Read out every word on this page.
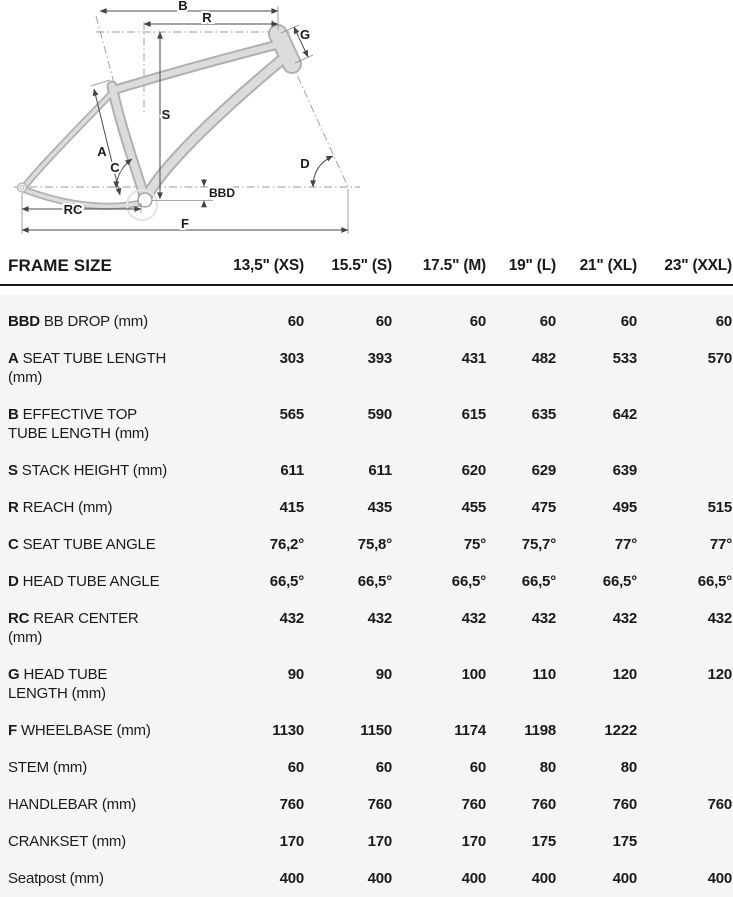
B
R
G
S
A
C	D
BBD
RC
F
FRAME SIZE	13,5" (XS)	15.5" (S)	17.5" (M)	19" (L)	21" (XL)	23" (XXL)
BBD BB DROP (mm)	60	60	60	60	60	60
A SEAT TUBE LENGTH (mm)	303	393	431	482	533	570
B EFFECTIVE TOP TUBE LENGTH (mm)	565	590	615	635	642	
S STACK HEIGHT (mm)	611	611	620	629	639	
R REACH (mm)	415	435	455	475	495	515
C SEAT TUBE ANGLE	76,2°	75,8°	75°	75,7°	77°	77°
D HEAD TUBE ANGLE	66,5°	66,5°	66,5°	66,5°	66,5°	66,5°
RC REAR CENTER (mm)	432	432	432	432	432	432
G HEAD TUBE LENGTH (mm)	90	90	100	110	120	120
F WHEELBASE (mm)	1130	1150	1174	1198	1222	
STEM (mm)	60	60	60	80	80	
HANDLEBAR (mm)	760	760	760	760	760	760
CRANKSET (mm)	170	170	170	175	175	
Seatpost (mm)	400	400	400	400	400	400
